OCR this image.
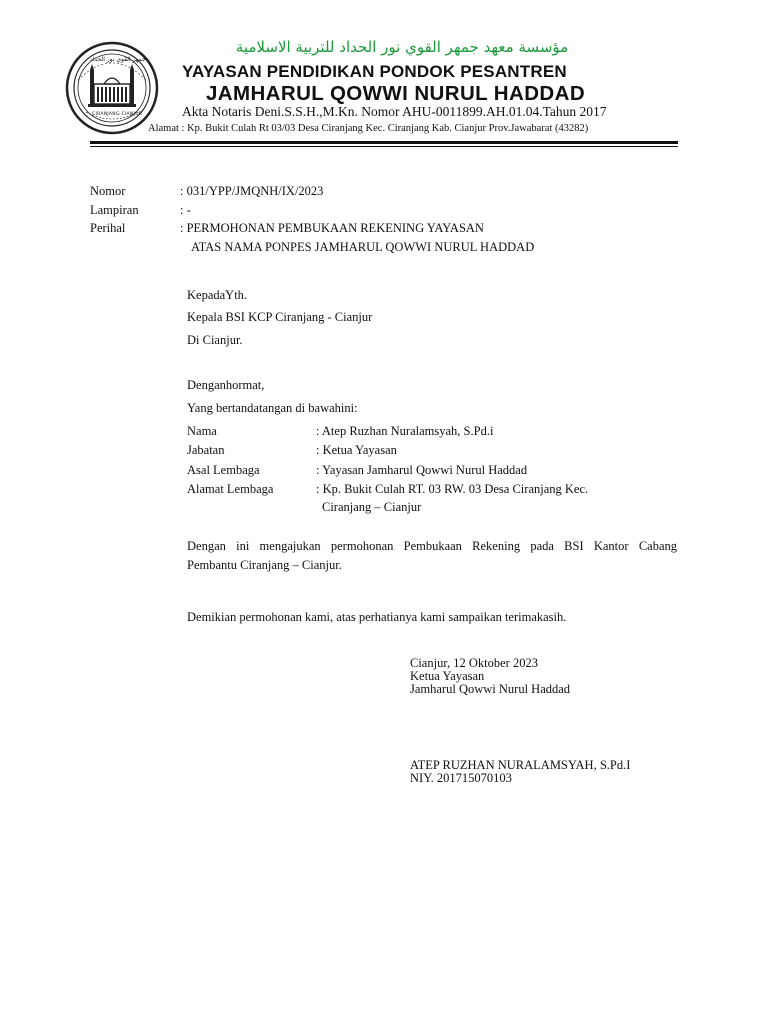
جمهر القوي نور الحداد
CIRANJANG CIANJUR
مؤسسة معهد جمهر القوي نور الحداد للتربية الاسلامية
YAYASAN PENDIDIKAN PONDOK PESANTREN
JAMHARUL QOWWI NURUL HADDAD
Akta Notaris Deni.S.S.H.,M.Kn. Nomor AHU-0011899.AH.01.04.Tahun 2017
Alamat : Kp. Bukit Culah Rt 03/03 Desa Ciranjang Kec. Ciranjang Kab. Cianjur Prov.Jawabarat (43282)
Nomor	: 031/YPP/JMQNH/IX/2023
Lampiran	: -
Perihal	: PERMOHONAN PEMBUKAAN REKENING YAYASAN
ATAS NAMA PONPES JAMHARUL QOWWI NURUL HADDAD
KepadaYth.
Kepala BSI KCP Ciranjang - Cianjur
Di Cianjur.
Denganhormat,
Yang bertandatangan di bawahini:
Nama	: Atep Ruzhan Nuralamsyah, S.Pd.i
Jabatan	: Ketua Yayasan
Asal Lembaga	: Yayasan Jamharul Qowwi Nurul Haddad
Alamat Lembaga	: Kp. Bukit Culah RT. 03 RW. 03 Desa Ciranjang Kec.
Ciranjang – Cianjur
Dengan ini mengajukan permohonan Pembukaan Rekening pada BSI Kantor Cabang
Pembantu Ciranjang – Cianjur.
Demikian permohonan kami, atas perhatianya kami sampaikan terimakasih.
Cianjur, 12 Oktober 2023
Ketua Yayasan
Jamharul Qowwi Nurul Haddad
ATEP RUZHAN NURALAMSYAH, S.Pd.I
NIY. 201715070103
